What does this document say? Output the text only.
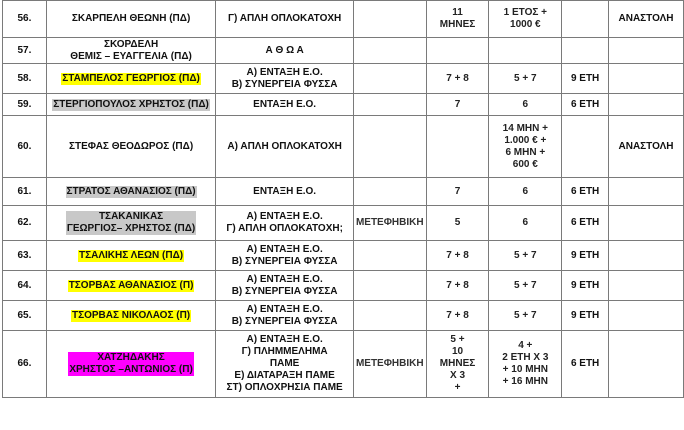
56.	ΣΚΑΡΠΕΛΗ ΘΕΩΝΗ (ΠΔ)	Γ) ΑΠΛΗ ΟΠΛΟΚΑΤΟΧΗ		11
ΜΗΝΕΣ	1 ΕΤΟΣ +
1000 €		ΑΝΑΣΤΟΛΗ
57.	ΣΚΟΡΔΕΛΗ
ΘΕΜΙΣ – ΕΥΑΓΓΕΛΙΑ (ΠΔ)	Α Θ Ω Α					

58.	ΣΤΑΜΠΕΛΟΣ ΓΕΩΡΓΙΟΣ (ΠΔ)	Α) ΕΝΤΑΞΗ Ε.Ο.
Β) ΣΥΝΕΡΓΕΙΑ ΦΥΣΣΑ		7 + 8	5 + 7	9 ΕΤΗ	
59.	ΣΤΕΡΓΙΟΠΟΥΛΟΣ ΧΡΗΣΤΟΣ (ΠΔ)	ΕΝΤΑΞΗ Ε.Ο.		7	6	6 ΕΤΗ	
60.	ΣΤΕΦΑΣ ΘΕΟΔΩΡΟΣ (ΠΔ)	Α) ΑΠΛΗ ΟΠΛΟΚΑΤΟΧΗ			14 ΜΗΝ +
1.000 € +
6 ΜΗΝ +
600 €		ΑΝΑΣΤΟΛΗ
61.	ΣΤΡΑΤΟΣ ΑΘΑΝΑΣΙΟΣ (ΠΔ)	ΕΝΤΑΞΗ Ε.Ο.		7	6	6 ΕΤΗ	
62.	ΤΣΑΚΑΝΙΚΑΣ
ΓΕΩΡΓΙΟΣ– ΧΡΗΣΤΟΣ (ΠΔ)	Α) ΕΝΤΑΞΗ Ε.Ο.
Γ) ΑΠΛΗ ΟΠΛΟΚΑΤΟΧΗ;	ΜΕΤΕΦΗΒΙΚΗ	5	6	6 ΕΤΗ	
63.	ΤΣΑΛΙΚΗΣ ΛΕΩΝ (ΠΔ)	Α) ΕΝΤΑΞΗ Ε.Ο.
Β) ΣΥΝΕΡΓΕΙΑ ΦΥΣΣΑ		7 + 8	5 + 7	9 ΕΤΗ	
64.	ΤΣΟΡΒΑΣ ΑΘΑΝΑΣΙΟΣ (Π)	Α) ΕΝΤΑΞΗ Ε.Ο.
Β) ΣΥΝΕΡΓΕΙΑ ΦΥΣΣΑ		7 + 8	5 + 7	9 ΕΤΗ	
65.	ΤΣΟΡΒΑΣ ΝΙΚΟΛΑΟΣ (Π)	Α) ΕΝΤΑΞΗ Ε.Ο.
Β) ΣΥΝΕΡΓΕΙΑ ΦΥΣΣΑ		7 + 8	5 + 7	9 ΕΤΗ	
66.	ΧΑΤΖΗΔΑΚΗΣ
ΧΡΗΣΤΟΣ –ΑΝΤΩΝΙΟΣ (Π)	Α) ΕΝΤΑΞΗ Ε.Ο.
Γ) ΠΛΗΜΜΕΛΗΜΑ
ΠΑΜΕ
Ε) ΔΙΑΤΑΡΑΞΗ ΠΑΜΕ
ΣΤ) ΟΠΛΟΧΡΗΣΙΑ ΠΑΜΕ	ΜΕΤΕΦΗΒΙΚΗ	5 +
10
ΜΗΝΕΣ
Χ 3
+	4 +
2 ΕΤΗ Χ 3
+ 10 ΜΗΝ
+ 16 ΜΗΝ	6 ΕΤΗ	
